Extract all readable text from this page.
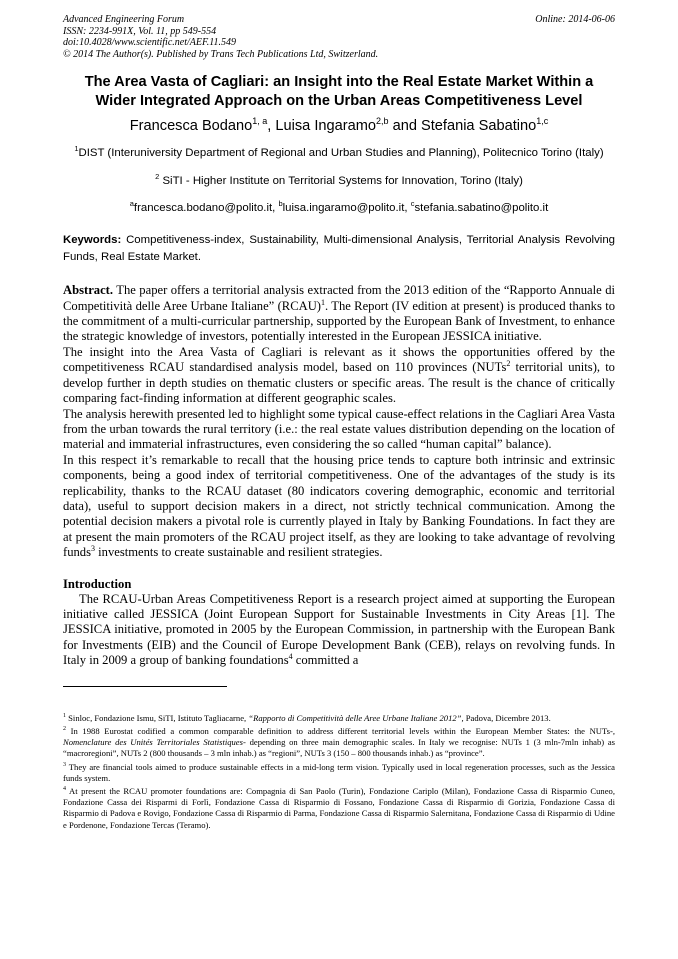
Advanced Engineering Forum	Online: 2014-06-06
ISSN: 2234-991X, Vol. 11, pp 549-554
doi:10.4028/www.scientific.net/AEF.11.549
© 2014 The Author(s). Published by Trans Tech Publications Ltd, Switzerland.
The Area Vasta of Cagliari: an Insight into the Real Estate Market Within a Wider Integrated Approach on the Urban Areas Competitiveness Level
Francesca Bodano$^{1, a}$, Luisa Ingaramo$^{2,b}$ and Stefania Sabatino$^{1,c}$
$^1$DIST (Interuniversity Department of Regional and Urban Studies and Planning), Politecnico Torino (Italy)
$^2$ SiTI - Higher Institute on Territorial Systems for Innovation, Torino (Italy)
$^a$francesca.bodano@polito.it, $^b$luisa.ingaramo@polito.it, $^c$stefania.sabatino@polito.it
Keywords: Competitiveness-index, Sustainability, Multi-dimensional Analysis, Territorial Analysis Revolving Funds, Real Estate Market.

Abstract. The paper offers a territorial analysis extracted from the 2013 edition of the “Rapporto Annuale di Competitività delle Aree Urbane Italiane” (RCAU)$^1$. The Report (IV edition at present) is produced thanks to the commitment of a multi-curricular partnership, supported by the European Bank of Investment, to enhance the strategic knowledge of investors, potentially interested in the European JESSICA initiative.

The insight into the Area Vasta of Cagliari is relevant as it shows the opportunities offered by the competitiveness RCAU standardised analysis model, based on 110 provinces (NUTs$^2$ territorial units), to develop further in depth studies on thematic clusters or specific areas. The result is the chance of critically comparing fact-finding information at different geographic scales.

The analysis herewith presented led to highlight some typical cause-effect relations in the Cagliari Area Vasta from the urban towards the rural territory (i.e.: the real estate values distribution depending on the location of material and immaterial infrastructures, even considering the so called “human capital” balance).

In this respect it’s remarkable to recall that the housing price tends to capture both intrinsic and extrinsic components, being a good index of territorial competitiveness. One of the advantages of the study is its replicability, thanks to the RCAU dataset (80 indicators covering demographic, economic and territorial data), useful to support decision makers in a direct, not strictly technical communication. Among the potential decision makers a pivotal role is currently played in Italy by Banking Foundations. In fact they are at present the main promoters of the RCAU project itself, as they are looking to take advantage of revolving funds$^3$ investments to create sustainable and resilient strategies.

Introduction

The RCAU-Urban Areas Competitiveness Report is a research project aimed at supporting the European initiative called JESSICA (Joint European Support for Sustainable Investments in City Areas [1]. The JESSICA initiative, promoted in 2005 by the European Commission, in partnership with the European Bank for Investments (EIB) and the Council of Europe Development Bank (CEB), relays on revolving funds. In Italy in 2009 a group of banking foundations$^4$ committed a

$^1$ Sinloc, Fondazione Ismu, SiTI, Istituto Tagliacarne, “Rapporto di Competitività delle Aree Urbane Italiane 2012”, Padova, Dicembre 2013.

$^2$ In 1988 Eurostat codified a common comparable definition to address different territorial levels within the European Member States: the NUTs-, Nomenclature des Unités Territoriales Statistiques- depending on three main demographic scales. In Italy we recognise: NUTs 1 (3 mln-7mln inhab) as “macroregioni”, NUTs 2 (800 thousands – 3 mln inhab.) as “regioni”, NUTs 3 (150 – 800 thousands inhab.) as “province”.

$^3$ They are financial tools aimed to produce sustainable effects in a mid-long term vision. Typically used in local regeneration processes, such as the Jessica funds system.

$^4$ At present the RCAU promoter foundations are: Compagnia di San Paolo (Turin), Fondazione Cariplo (Milan), Fondazione Cassa di Risparmio Cuneo, Fondazione Cassa dei Risparmi di Forlì, Fondazione Cassa di Risparmio di Fossano, Fondazione Cassa di Risparmio di Gorizia, Fondazione Cassa di Risparmio di Padova e Rovigo, Fondazione Cassa di Risparmio di Parma, Fondazione Cassa di Risparmio Salernitana, Fondazione Cassa di Risparmio di Udine e Pordenone, Fondazione Tercas (Teramo).
